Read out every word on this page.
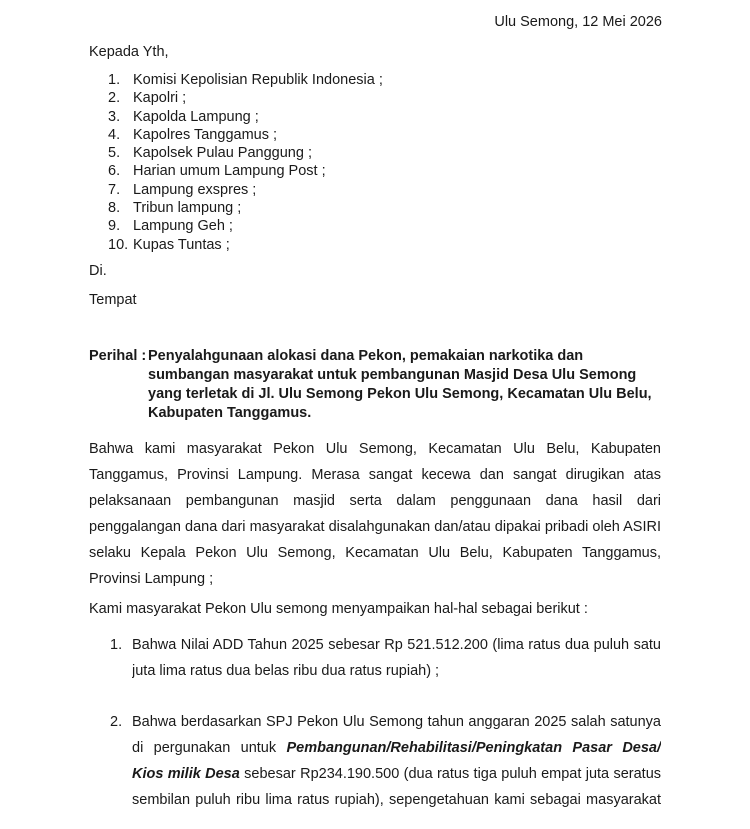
Ulu Semong, 12 Mei 2026
Kepada Yth,
1. Komisi Kepolisian Republik Indonesia ;
2. Kapolri ;
3. Kapolda Lampung ;
4. Kapolres Tanggamus ;
5. Kapolsek Pulau Panggung ;
6. Harian umum Lampung Post ;
7. Lampung exspres ;
8. Tribun lampung ;
9. Lampung Geh ;
10. Kupas Tuntas ;
Di.
Tempat
Perihal : Penyalahgunaan alokasi dana Pekon, pemakaian narkotika dan
sumbangan masyarakat untuk pembangunan Masjid Desa Ulu Semong
yang terletak di Jl. Ulu Semong Pekon Ulu Semong, Kecamatan Ulu Belu,
Kabupaten Tanggamus.
Bahwa kami masyarakat Pekon Ulu Semong, Kecamatan Ulu Belu, Kabupaten
Tanggamus, Provinsi Lampung. Merasa sangat kecewa dan sangat dirugikan atas
pelaksanaan pembangunan masjid serta dalam penggunaan dana hasil dari
penggalangan dana dari masyarakat disalahgunakan dan/atau dipakai pribadi oleh ASIRI
selaku Kepala Pekon Ulu Semong, Kecamatan Ulu Belu, Kabupaten Tanggamus,
Provinsi Lampung ;
Kami masyarakat Pekon Ulu semong menyampaikan hal-hal sebagai berikut :
1. Bahwa Nilai ADD Tahun 2025 sebesar Rp 521.512.200 (lima ratus dua puluh satu
juta lima ratus dua belas ribu dua ratus rupiah) ;
2. Bahwa berdasarkan SPJ Pekon Ulu Semong tahun anggaran 2025 salah satunya
di pergunakan untuk Pembangunan/Rehabilitasi/Peningkatan Pasar Desa/
Kios milik Desa sebesar Rp234.190.500 (dua ratus tiga puluh empat juta seratus
sembilan puluh ribu lima ratus rupiah), sepengetahuan kami sebagai masyarakat
